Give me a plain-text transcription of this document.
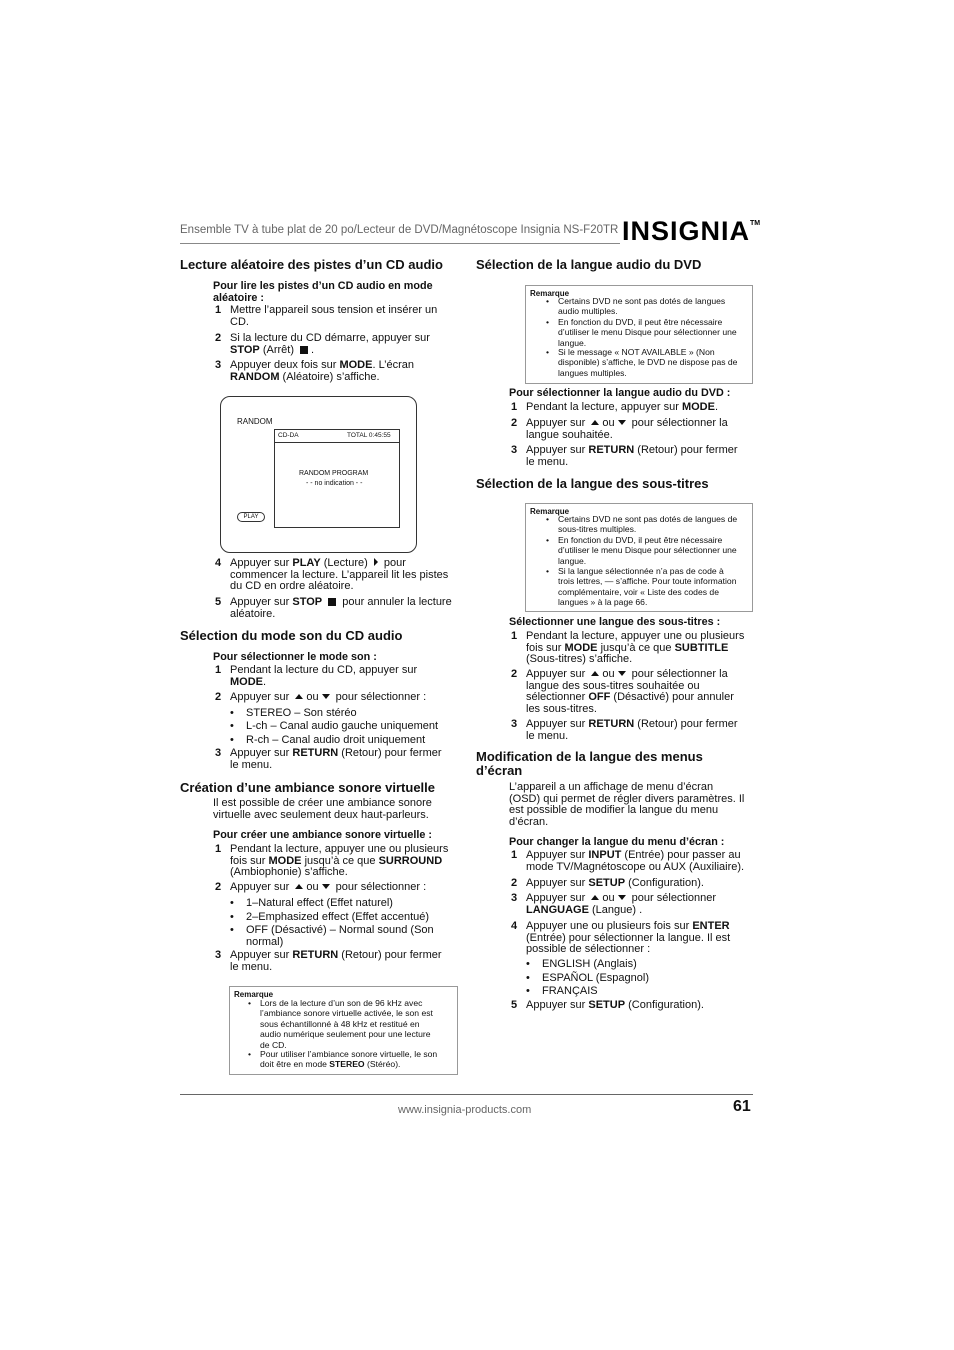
Ensemble TV à tube plat de 20 po/Lecteur de DVD/Magnétoscope Insignia NS-F20TR INSIGNIA™
Lecture aléatoire des pistes d’un CD audio
Pour lire les pistes d’un CD audio en mode
aléatoire :
1 Mettre l’appareil sous tension et insérer un
CD.
2 Si la lecture du CD démarre, appuyer sur
STOP (Arrêt) .
3 Appuyer deux fois sur MODE. L’écran
RANDOM (Aléatoire) s’affiche.
RANDOM
CD-DA	TOTAL 0:45:55
RANDOM PROGRAM
- - no indication - -
PLAY
4 Appuyer sur PLAY (Lecture)  pour
commencer la lecture. L’appareil lit les pistes
du CD en ordre aléatoire.
5 Appuyer sur STOP  pour annuler la lecture
aléatoire.
Sélection du mode son du CD audio
Pour sélectionner le mode son :
1 Pendant la lecture du CD, appuyer sur
MODE.
2 Appuyer sur ou pour sélectionner :
• STEREO – Son stéréo
• L-ch – Canal audio gauche uniquement
• R-ch – Canal audio droit uniquement
3 Appuyer sur RETURN (Retour) pour fermer
le menu.
Création d’une ambiance sonore virtuelle
Il est possible de créer une ambiance sonore
virtuelle avec seulement deux haut-parleurs.
Pour créer une ambiance sonore virtuelle :
1 Pendant la lecture, appuyer une ou plusieurs
fois sur MODE jusqu’à ce que SURROUND
(Ambiophonie) s’affiche.
2 Appuyer sur ou pour sélectionner :
• 1–Natural effect (Effet naturel)
• 2–Emphasized effect (Effet accentué)
• OFF (Désactivé) – Normal sound (Son
normal)
3 Appuyer sur RETURN (Retour) pour fermer
le menu.
Remarque
• Lors de la lecture d’un son de 96 kHz avec
l’ambiance sonore virtuelle activée, le son est
sous échantillonné à 48 kHz et restitué en
audio numérique seulement pour une lecture
de CD.
• Pour utiliser l’ambiance sonore virtuelle, le son
doit être en mode STEREO (Stéréo).
Sélection de la langue audio du DVD
Remarque
• Certains DVD ne sont pas dotés de langues
audio multiples.
• En fonction du DVD, il peut être nécessaire
d’utiliser le menu Disque pour sélectionner une
langue.
• Si le message « NOT AVAILABLE » (Non
disponible) s’affiche, le DVD ne dispose pas de
langues multiples.
Pour sélectionner la langue audio du DVD :
1 Pendant la lecture, appuyer sur MODE.
2 Appuyer sur ou pour sélectionner la
langue souhaitée.
3 Appuyer sur RETURN (Retour) pour fermer
le menu.
Sélection de la langue des sous-titres
Remarque
• Certains DVD ne sont pas dotés de langues de
sous-titres multiples.
• En fonction du DVD, il peut être nécessaire
d’utiliser le menu Disque pour sélectionner une
langue.
• Si la langue sélectionnée n’a pas de code à
trois lettres, — s’affiche. Pour toute information
complémentaire, voir « Liste des codes de
langues » à la page 66.
Sélectionner une langue des sous-titres :
1 Pendant la lecture, appuyer une ou plusieurs
fois sur MODE jusqu’à ce que SUBTITLE
(Sous-titres) s’affiche.
2 Appuyer sur ou pour sélectionner la
langue des sous-titres souhaitée ou
sélectionner OFF (Désactivé) pour annuler
les sous-titres.
3 Appuyer sur RETURN (Retour) pour fermer
le menu.
Modification de la langue des menus
d’écran
L’appareil a un affichage de menu d’écran
(OSD) qui permet de régler divers paramètres. Il
est possible de modifier la langue du menu
d’écran.
Pour changer la langue du menu d’écran :
1 Appuyer sur INPUT (Entrée) pour passer au
mode TV/Magnétoscope ou AUX (Auxiliaire).
2 Appuyer sur SETUP (Configuration).
3 Appuyer sur ou pour sélectionner
LANGUAGE (Langue) .
4 Appuyer une ou plusieurs fois sur ENTER
(Entrée) pour sélectionner la langue. Il est
possible de sélectionner :
• ENGLISH (Anglais)
• ESPAÑOL (Espagnol)
• FRANÇAIS
5 Appuyer sur SETUP (Configuration).
www.insignia-products.com	61
